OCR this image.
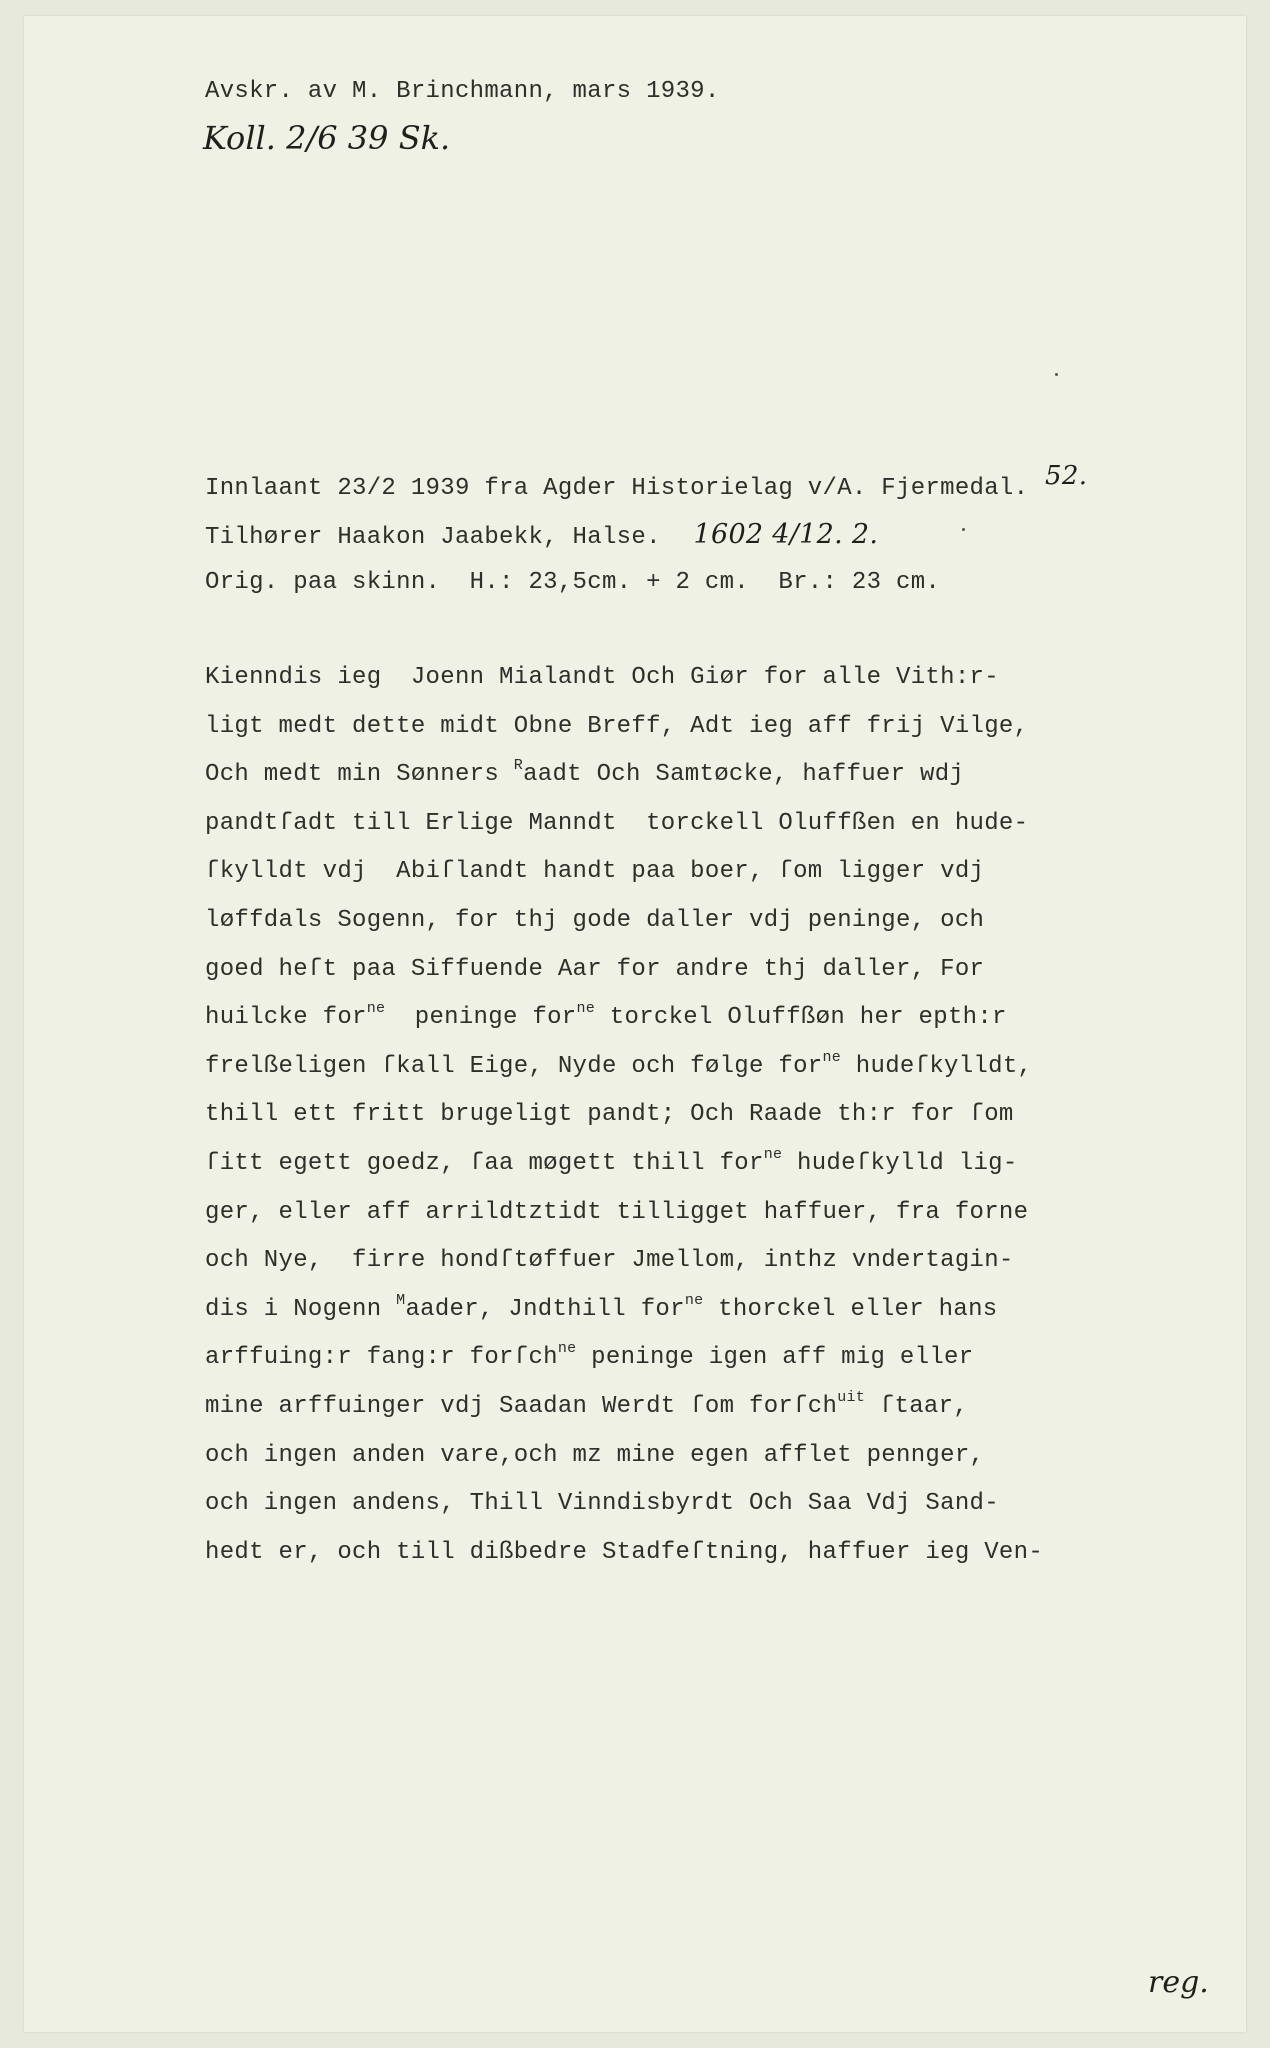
Avskr. av M. Brinchmann, mars 1939.
Koll. 2/6 39 Sk.
Innlaant 23/2 1939 fra Agder Historielag v/A. Fjermedal. 52.
Tilhører Haakon Jaabekk, Halse. 1602 4/12. 2.
Orig. paa skinn.  H.: 23,5cm. + 2 cm.  Br.: 23 cm.
Kienndis ieg  Joenn Mialandt Och Giør for alle Vith:r-
ligt medt dette midt Obne Breff, Adt ieg aff frij Vilge,
Och medt min Sønners $^R$aadt Och Samtøcke, haffuer wdj
pandtſadt till Erlige Manndt  torckell Oluffßen en hude-
ſkylldt vdj  Abiſlandt handt paa boer, ſom ligger vdj
løffdals Sogenn, for thj gode daller vdj peninge, och
goed heſt paa Siffuende Aar for andre thj daller, For
huilcke for$^{ne}$  peninge for$^{ne}$ torckel Oluffßøn her epth:r
frelßeligen ſkall Eige, Nyde och følge for$^{ne}$ hudeſkylldt,
thill ett fritt brugeligt pandt; Och Raade th:r for ſom
ſitt egett goedz, ſaa møgett thill for$^{ne}$ hudeſkylld lig-
ger, eller aff arrildtztidt tilligget haffuer, fra forne
och Nye,  firre hondſtøffuer Jmellom, inthz vndertagin-
dis i Nogenn $^M$aader, Jndthill for$^{ne}$ thorckel eller hans
arffuing:r fang:r forſch$^{ne}$ peninge igen aff mig eller
mine arffuinger vdj Saadan Werdt ſom forſch$^{uit}$ ſtaar,
och ingen anden vare,och mz mine egen afflet pennger,
och ingen andens, Thill Vinndisbyrdt Och Saa Vdj Sand-
hedt er, och till dißbedre Stadfeſtning, haffuer ieg Ven-
reg.
